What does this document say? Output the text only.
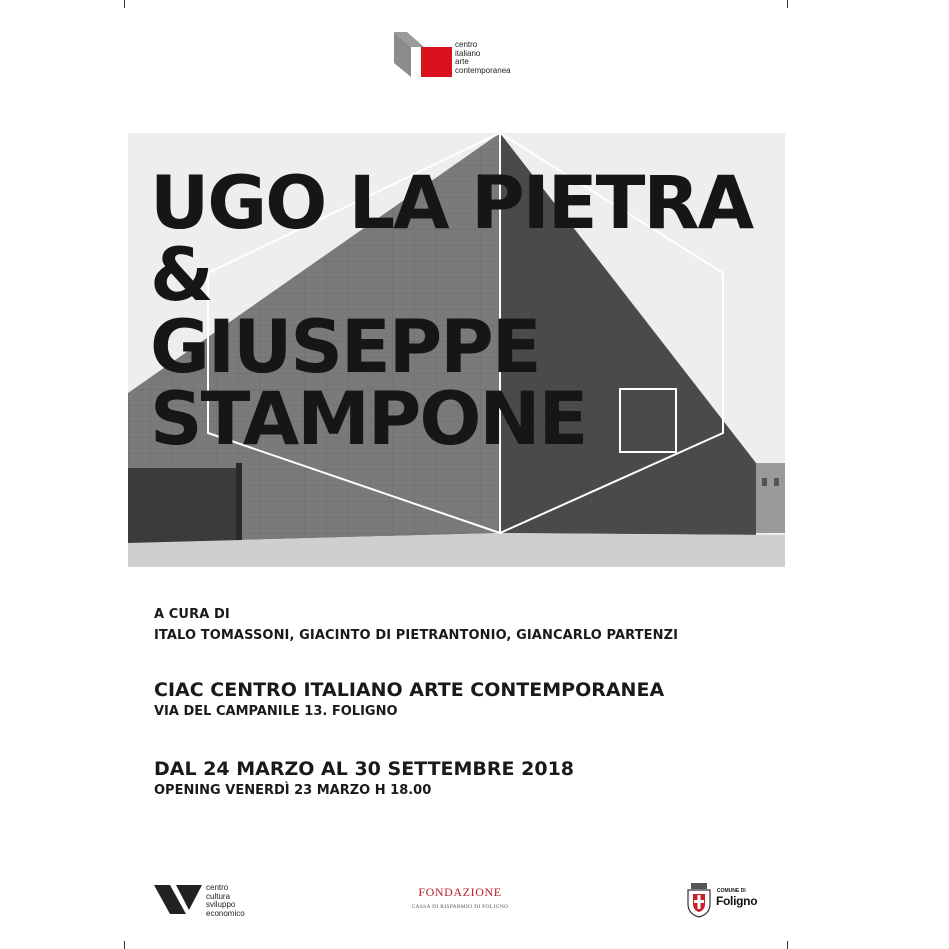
centro
italiano
arte
contemporanea
UGO LA PIETRA
&
GIUSEPPE
STAMPONE
A CURA DI
ITALO TOMASSONI, GIACINTO DI PIETRANTONIO, GIANCARLO PARTENZI
CIAC CENTRO ITALIANO ARTE CONTEMPORANEA
VIA DEL CAMPANILE 13. FOLIGNO
DAL 24 MARZO AL 30 SETTEMBRE 2018
OPENING VENERDÌ 23 MARZO H 18.00
centro
cultura
sviluppo
economico
FONDAZIONE
CASSA DI RISPARMIO DI FOLIGNO
COMUNE DI
Foligno
